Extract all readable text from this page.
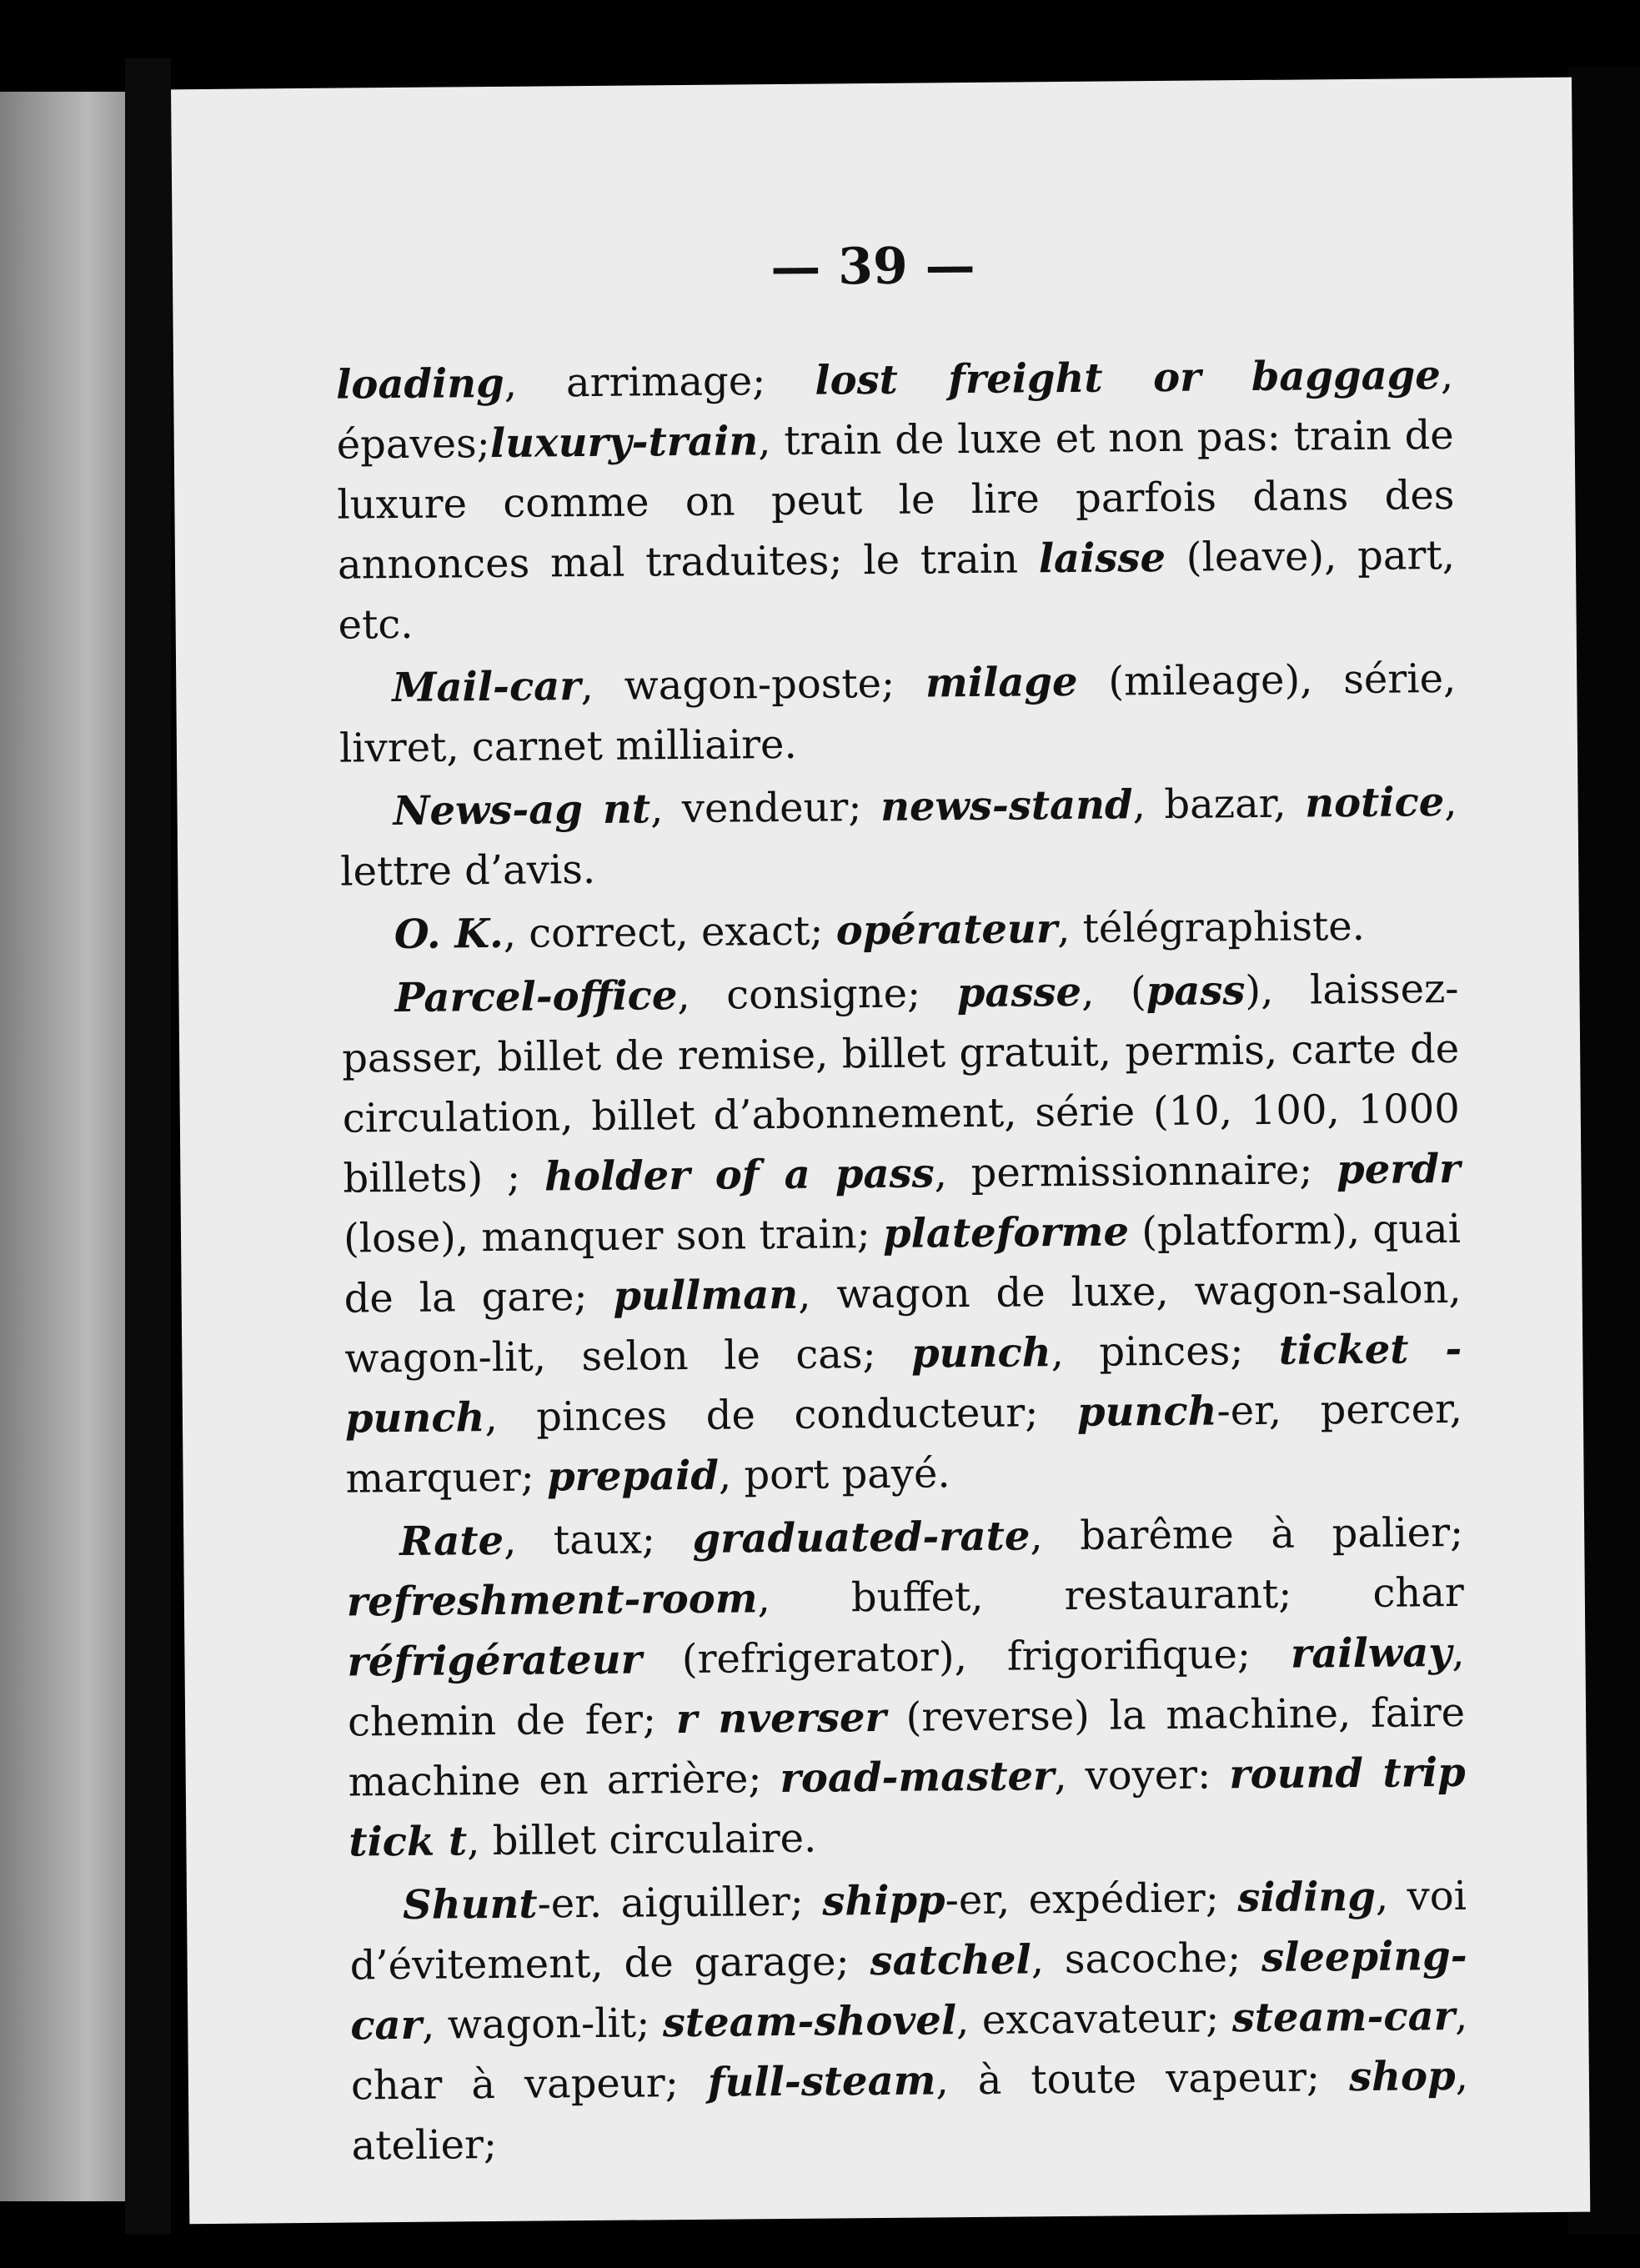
— 39 —

loading, arrimage; lost freight or baggage, épaves;luxury-train, train de luxe et non pas: train de luxure comme on peut le lire parfois dans des annonces mal traduites; le train laisse (leave), part, etc.

Mail-car, wagon-poste; milage (mileage), série, livret, carnet milliaire.

News-ag nt, vendeur; news-stand, bazar, notice, lettre d’avis.

O. K., correct, exact; opérateur, télégraphiste.

Parcel-office, consigne; passe, (pass), laissez-passer, billet de remise, billet gratuit, permis, carte de circulation, billet d’abonnement, série (10, 100, 1000 billets) ; holder of a pass, permissionnaire; perdr (lose), manquer son train; plateforme (platform), quai de la gare; pullman, wagon de luxe, wagon-salon, wagon-lit, selon le cas; punch, pinces; ticket - punch, pinces de conducteur; punch-er, percer, marquer; prepaid, port payé.

Rate, taux; graduated-rate, barême à palier; refreshment-room, buffet, restaurant; char réfrigérateur (refrigerator), frigorifique; railway, chemin de fer; r nverser (reverse) la machine, faire machine en arrière; road-master, voyer: round trip tick t, billet circulaire.

Shunt-er. aiguiller; shipp-er, expédier; siding, voi d’évitement, de garage; satchel, sacoche; sleeping-car, wagon-lit; steam-shovel, excavateur; steam-car, char à vapeur; full-steam, à toute vapeur; shop, atelier;
